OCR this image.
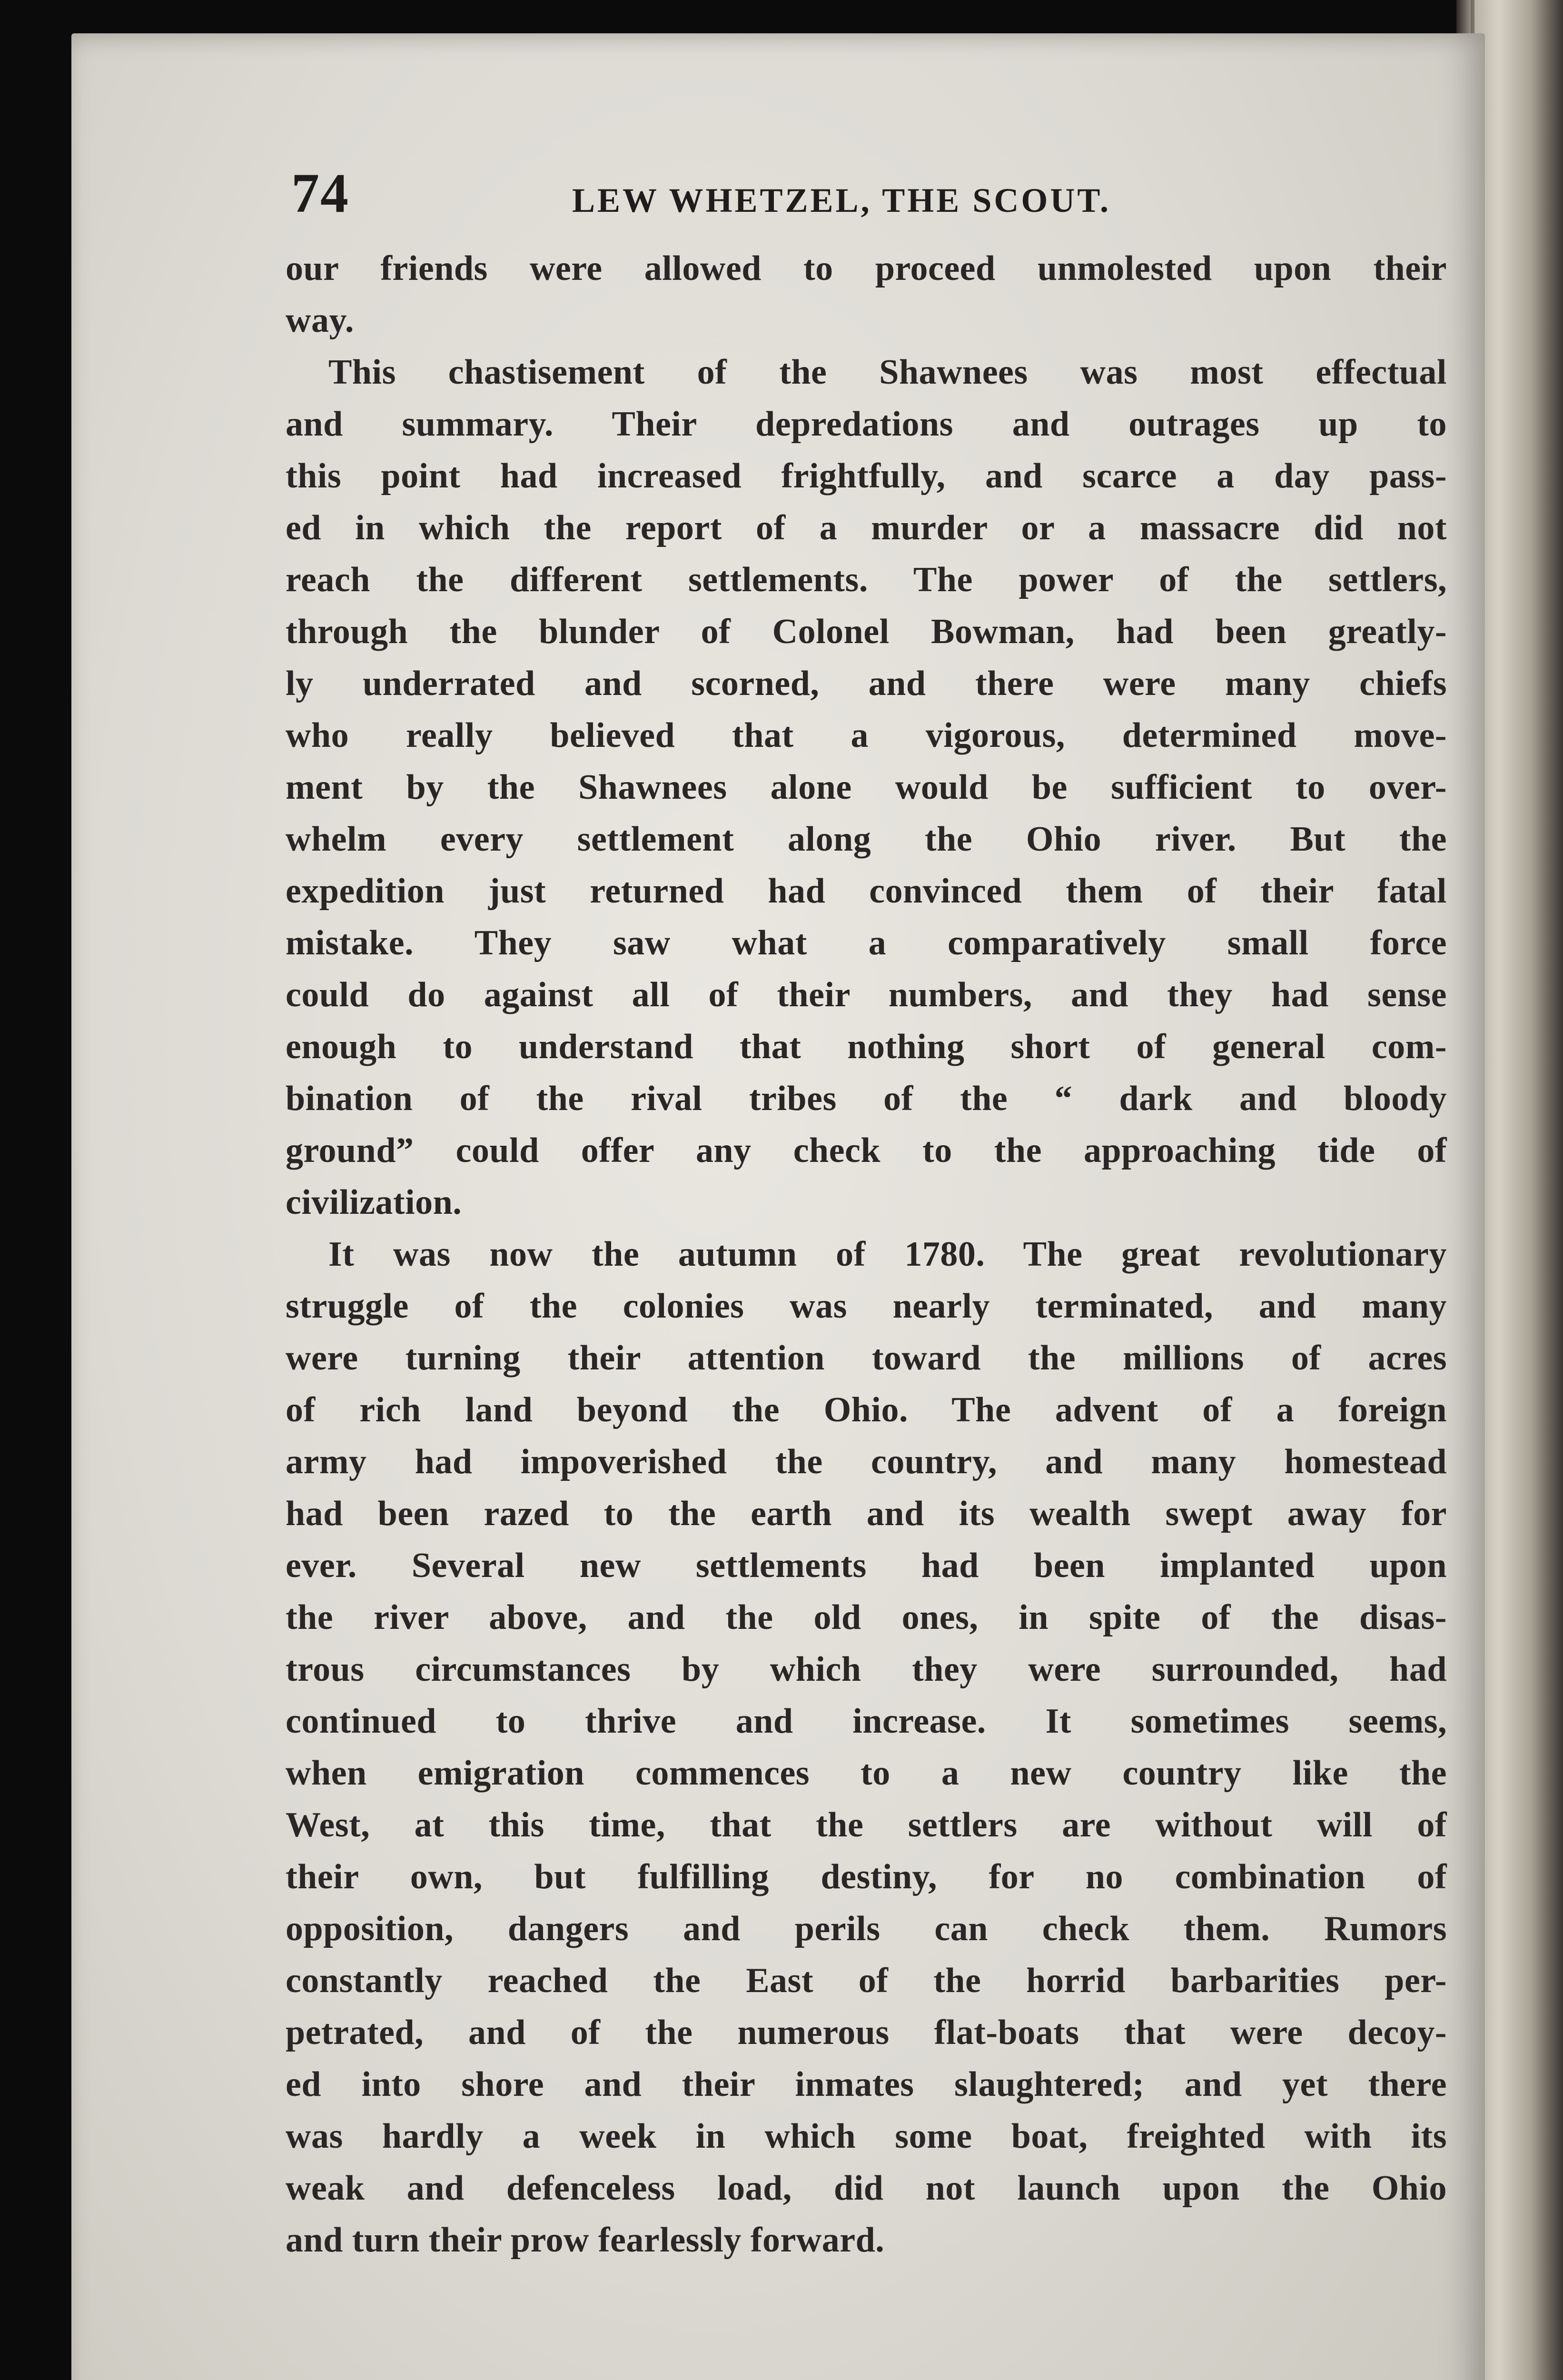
74	LEW WHETZEL, THE SCOUT.
our friends were allowed to proceed unmolested upon their
way.
This chastisement of the Shawnees was most effectual
and summary. Their depredations and outrages up to
this point had increased frightfully, and scarce a day pass-
ed in which the report of a murder or a massacre did not
reach the different settlements. The power of the settlers,
through the blunder of Colonel Bowman, had been greatly-
ly underrated and scorned, and there were many chiefs
who really believed that a vigorous, determined move-
ment by the Shawnees alone would be sufficient to over-
whelm every settlement along the Ohio river. But the
expedition just returned had convinced them of their fatal
mistake. They saw what a comparatively small force
could do against all of their numbers, and they had sense
enough to understand that nothing short of general com-
bination of the rival tribes of the “ dark and bloody
ground” could offer any check to the approaching tide of
civilization.
It was now the autumn of 1780. The great revolutionary
struggle of the colonies was nearly terminated, and many
were turning their attention toward the millions of acres
of rich land beyond the Ohio. The advent of a foreign
army had impoverished the country, and many homestead
had been razed to the earth and its wealth swept away for
ever. Several new settlements had been implanted upon
the river above, and the old ones, in spite of the disas-
trous circumstances by which they were surrounded, had
continued to thrive and increase. It sometimes seems,
when emigration commences to a new country like the
West, at this time, that the settlers are without will of
their own, but fulfilling destiny, for no combination of
opposition, dangers and perils can check them. Rumors
constantly reached the East of the horrid barbarities per-
petrated, and of the numerous flat-boats that were decoy-
ed into shore and their inmates slaughtered; and yet there
was hardly a week in which some boat, freighted with its
weak and defenceless load, did not launch upon the Ohio
and turn their prow fearlessly forward.
